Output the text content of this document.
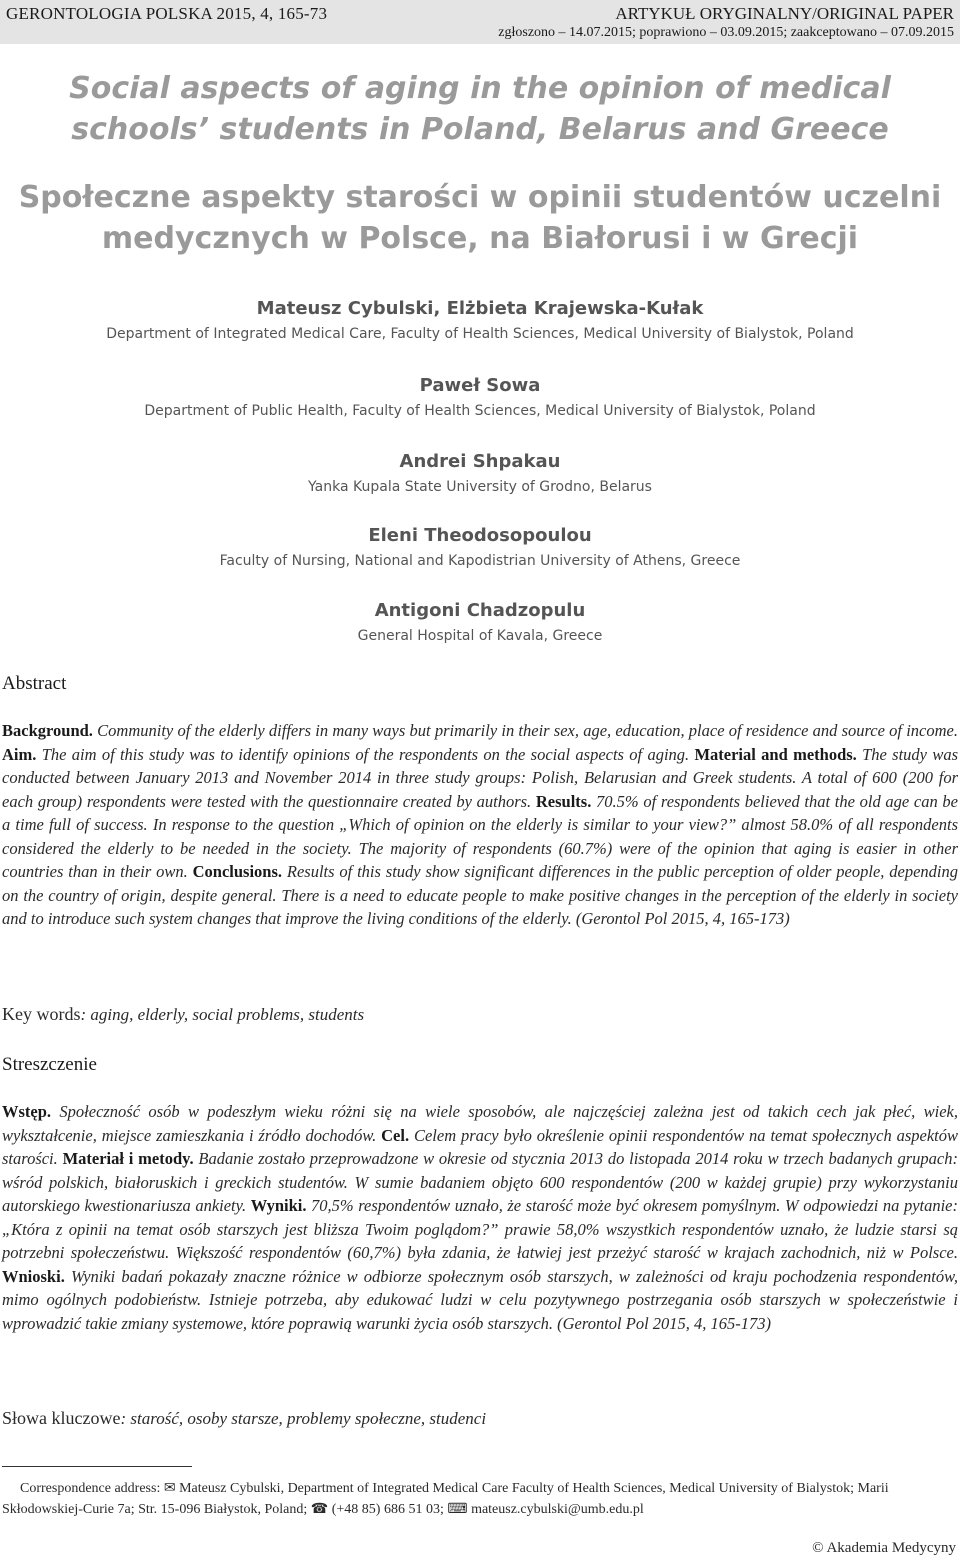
GERONTOLOGIA POLSKA 2015, 4, 165-73	ARTYKUŁ ORYGINALNY/ORIGINAL PAPER
zgłoszono – 14.07.2015; poprawiono – 03.09.2015; zaakceptowano – 07.09.2015
Social aspects of aging in the opinion of medical
schools’ students in Poland, Belarus and Greece
Społeczne aspekty starości w opinii studentów uczelni
medycznych w Polsce, na Białorusi i w Grecji
Mateusz Cybulski, Elżbieta Krajewska-Kułak
Department of Integrated Medical Care, Faculty of Health Sciences, Medical University of Bialystok, Poland
Paweł Sowa
Department of Public Health, Faculty of Health Sciences, Medical University of Bialystok, Poland
Andrei Shpakau
Yanka Kupala State University of Grodno, Belarus
Eleni Theodosopoulou
Faculty of Nursing, National and Kapodistrian University of Athens, Greece
Antigoni Chadzopulu
General Hospital of Kavala, Greece
Abstract
Background. Community of the elderly differs in many ways but primarily in their sex, age, education, place of residence and source of income. Aim. The aim of this study was to identify opinions of the respondents on the social aspects of aging. Material and methods. The study was conducted between January 2013 and November 2014 in three study groups: Polish, Belarusian and Greek students. A total of 600 (200 for each group) respondents were tested with the questionnaire created by authors. Results. 70.5% of respondents believed that the old age can be a time full of success. In response to the question „Which of opinion on the elderly is similar to your view?” almost 58.0% of all respondents considered the elderly to be needed in the society. The majority of respondents (60.7%) were of the opinion that aging is easier in other countries than in their own. Conclusions. Results of this study show significant differences in the public perception of older people, depending on the country of origin, despite general. There is a need to educate people to make positive changes in the perception of the elderly in society and to introduce such system changes that improve the living conditions of the elderly. (Gerontol Pol 2015, 4, 165-173)
Key words: aging, elderly, social problems, students
Streszczenie
Wstęp. Społeczność osób w podeszłym wieku różni się na wiele sposobów, ale najczęściej zależna jest od takich cech jak płeć, wiek, wykształcenie, miejsce zamieszkania i źródło dochodów. Cel. Celem pracy było określenie opinii respondentów na temat społecznych aspektów starości. Materiał i metody. Badanie zostało przeprowadzone w okresie od stycznia 2013 do listopada 2014 roku w trzech badanych grupach: wśród polskich, białoruskich i greckich studentów. W sumie badaniem objęto 600 respondentów (200 w każdej grupie) przy wykorzystaniu autorskiego kwestionariusza ankiety. Wyniki. 70,5% respondentów uznało, że starość może być okresem pomyślnym. W odpowiedzi na pytanie: „Która z opinii na temat osób starszych jest bliższa Twoim poglądom?” prawie 58,0% wszystkich respondentów uznało, że ludzie starsi są potrzebni społeczeństwu. Większość respondentów (60,7%) była zdania, że łatwiej jest przeżyć starość w krajach zachodnich, niż w Polsce. Wnioski. Wyniki badań pokazały znaczne różnice w odbiorze społecznym osób starszych, w zależności od kraju pochodzenia respondentów, mimo ogólnych podobieństw. Istnieje potrzeba, aby edukować ludzi w celu pozytywnego postrzegania osób starszych w społeczeństwie i wprowadzić takie zmiany systemowe, które poprawią warunki życia osób starszych. (Gerontol Pol 2015, 4, 165-173)
Słowa kluczowe: starość, osoby starsze, problemy społeczne, studenci
Correspondence address: ✉ Mateusz Cybulski, Department of Integrated Medical Care Faculty of Health Sciences, Medical University of Bialystok; Marii Skłodowskiej-Curie 7a; Str. 15-096 Białystok, Poland; ☎ (+48 85) 686 51 03; ⌨ mateusz.cybulski@umb.edu.pl
© Akademia Medycyny
